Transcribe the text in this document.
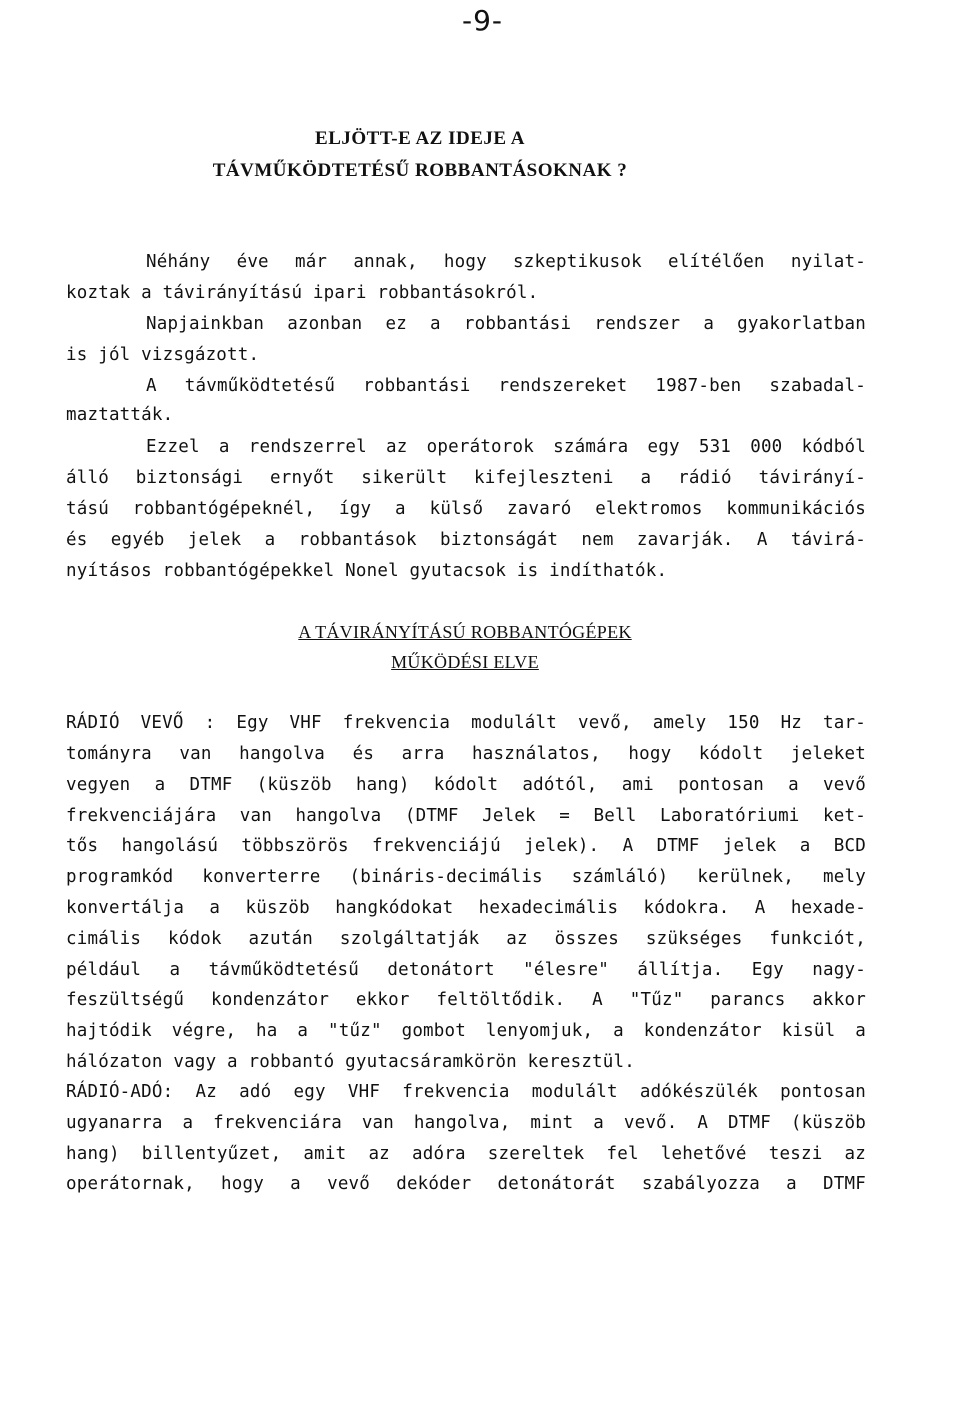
-9-
ELJÖTT-E AZ IDEJE A
TÁVMŰKÖDTETÉSŰ ROBBANTÁSOKNAK ?
Néhány éve már annak, hogy szkeptikusok elítélően nyilat-
koztak a távirányítású ipari robbantásokról.
Napjainkban azonban ez a robbantási rendszer a gyakorlatban
is jól vizsgázott.
A távműködtetésű robbantási rendszereket 1987-ben szabadal-
maztatták.
Ezzel a rendszerrel az operátorok számára egy 531 000 kódból
álló biztonsági ernyőt sikerült kifejleszteni a rádió távirányí-
tású robbantógépeknél, így a külső zavaró elektromos kommunikációs
és egyéb jelek a robbantások biztonságát nem zavarják. A távirá-
nyításos robbantógépekkel Nonel gyutacsok is indíthatók.
A TÁVIRÁNYÍTÁSÚ ROBBANTÓGÉPEK
MŰKÖDÉSI ELVE
RÁDIÓ VEVŐ : Egy VHF frekvencia modulált vevő, amely 150 Hz tar-
tományra van hangolva és arra használatos, hogy kódolt jeleket
vegyen a DTMF (küszöb hang) kódolt adótól, ami pontosan a vevő
frekvenciájára van hangolva (DTMF Jelek = Bell Laboratóriumi ket-
tős hangolású többszörös frekvenciájú jelek). A DTMF jelek a BCD
programkód konverterre (bináris-decimális számláló) kerülnek, mely
konvertálja a küszöb hangkódokat hexadecimális kódokra. A hexade-
cimális kódok azután szolgáltatják az összes szükséges funkciót,
például a távműködtetésű detonátort "élesre" állítja. Egy nagy-
feszültségű kondenzátor ekkor feltöltődik. A "Tűz" parancs akkor
hajtódik végre, ha a "tűz" gombot lenyomjuk, a kondenzátor kisül a
hálózaton vagy a robbantó gyutacsáramkörön keresztül.
RÁDIÓ-ADÓ: Az adó egy VHF frekvencia modulált adókészülék pontosan
ugyanarra a frekvenciára van hangolva, mint a vevő. A DTMF (küszöb
hang) billentyűzet, amit az adóra szereltek fel lehetővé teszi az
operátornak, hogy a vevő dekóder detonátorát szabályozza a DTMF
